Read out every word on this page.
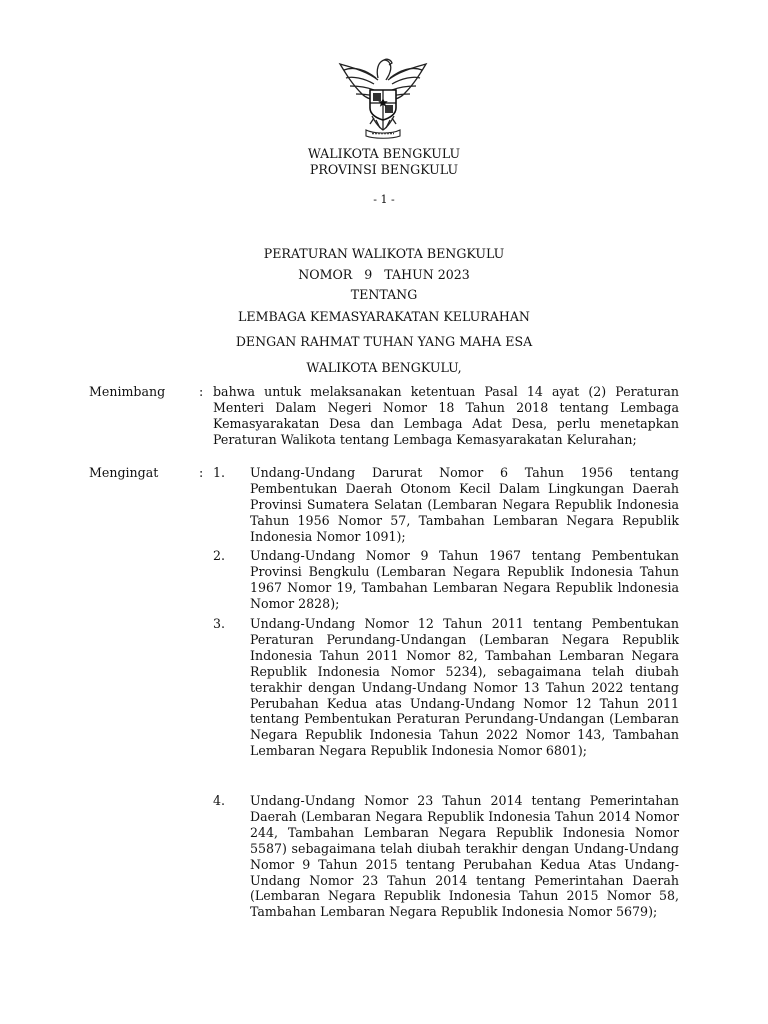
WALIKOTA BENGKULU
PROVINSI BENGKULU
- 1 -
PERATURAN WALIKOTA BENGKULU
NOMOR   9   TAHUN 2023
TENTANG
LEMBAGA KEMASYARAKATAN KELURAHAN
DENGAN RAHMAT TUHAN YANG MAHA ESA
WALIKOTA BENGKULU,
Menimbang	: bahwa untuk melaksanakan ketentuan Pasal 14 ayat (2) Peraturan Menteri Dalam Negeri Nomor 18 Tahun 2018 tentang Lembaga Kemasyarakatan Desa dan Lembaga Adat Desa, perlu menetapkan Peraturan Walikota tentang Lembaga Kemasyarakatan Kelurahan;

Mengingat	: 1. Undang-Undang Darurat Nomor 6 Tahun 1956 tentang Pembentukan Daerah Otonom Kecil Dalam Lingkungan Daerah Provinsi Sumatera Selatan (Lembaran Negara Republik Indonesia Tahun 1956 Nomor 57, Tambahan Lembaran Negara Republik Indonesia Nomor 1091);

2. Undang-Undang Nomor 9 Tahun 1967 tentang Pembentukan Provinsi Bengkulu (Lembaran Negara Republik Indonesia Tahun 1967 Nomor 19, Tambahan Lembaran Negara Republik lndonesia Nomor 2828);

3. Undang-Undang Nomor 12 Tahun 2011 tentang Pembentukan Peraturan Perundang-Undangan (Lembaran Negara Republik Indonesia Tahun 2011 Nomor 82, Tambahan Lembaran Negara Republik Indonesia Nomor 5234), sebagaimana telah diubah terakhir dengan Undang-Undang Nomor 13 Tahun 2022 tentang Perubahan Kedua atas Undang-Undang Nomor 12 Tahun 2011 tentang Pembentukan Peraturan Perundang-Undangan (Lembaran Negara Republik Indonesia Tahun 2022 Nomor 143, Tambahan Lembaran Negara Republik Indonesia Nomor 6801);

4. Undang-Undang Nomor 23 Tahun 2014 tentang Pemerintahan Daerah (Lembaran Negara Republik Indonesia Tahun 2014 Nomor 244, Tambahan Lembaran Negara Republik Indonesia Nomor 5587) sebagaimana telah diubah terakhir dengan Undang-Undang Nomor 9 Tahun 2015 tentang Perubahan Kedua Atas Undang-Undang Nomor 23 Tahun 2014 tentang Pemerintahan Daerah (Lembaran Negara Republik Indonesia Tahun 2015 Nomor 58, Tambahan Lembaran Negara Republik Indonesia Nomor 5679);
